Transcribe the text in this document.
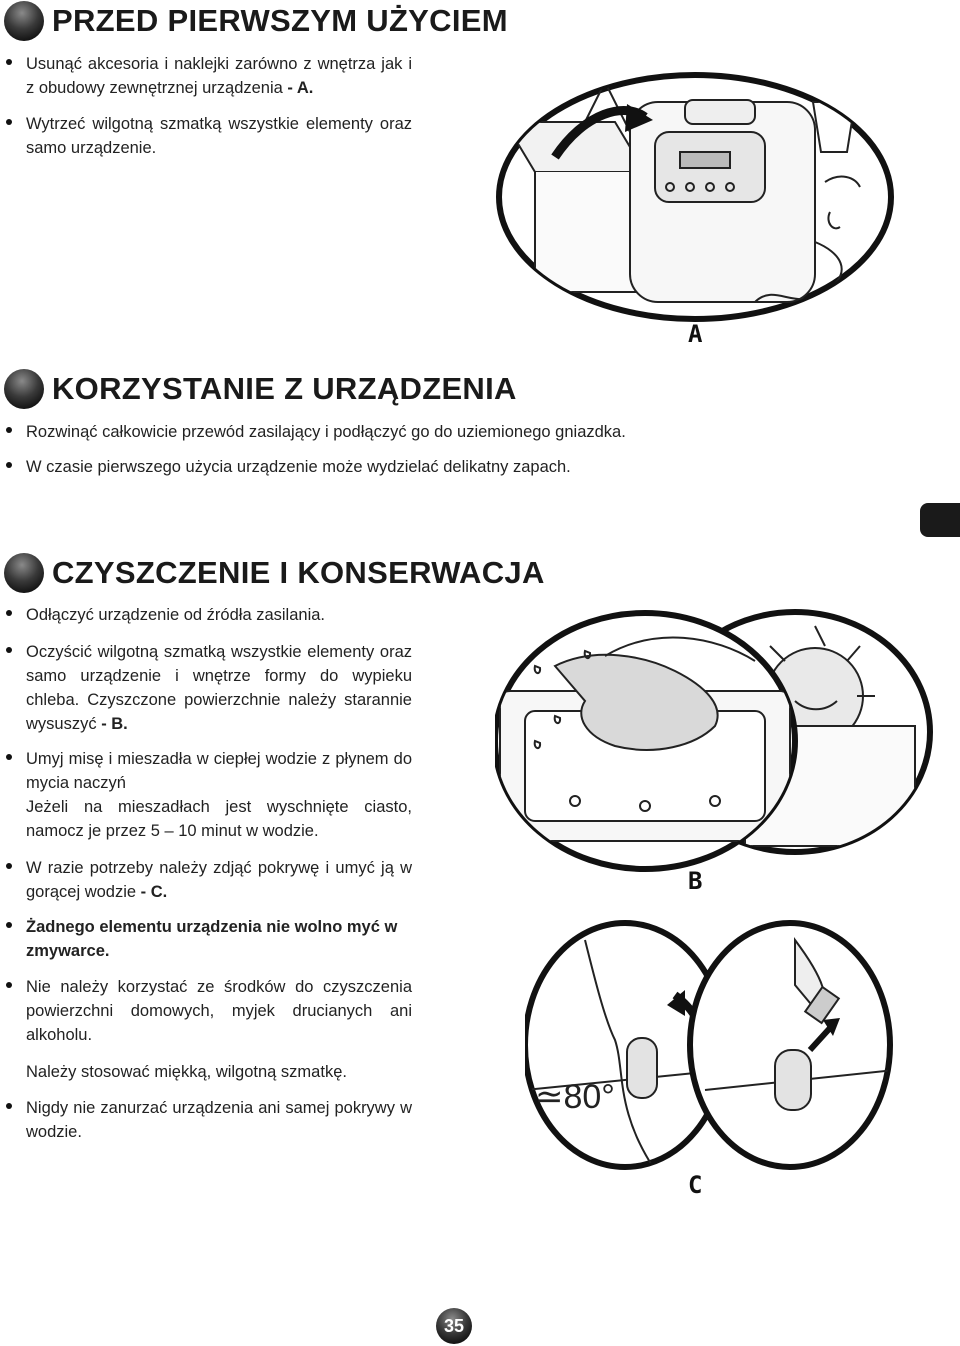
PRZED PIERWSZYM UŻYCIEM
Usunąć akcesoria i naklejki zarówno z wnętrza jak i z obudowy zewnętrznej urządzenia - A.
Wytrzeć wilgotną szmatką wszystkie elementy oraz samo urządzenie.
A
KORZYSTANIE Z URZĄDZENIA
Rozwinąć całkowicie przewód zasilający i podłączyć go do uziemionego gniazdka.
W czasie pierwszego użycia urządzenie może wydzielać delikatny zapach.
CZYSZCZENIE I KONSERWACJA
Odłączyć urządzenie od źródła zasilania.
Oczyścić wilgotną szmatką wszystkie elementy oraz samo urządzenie i wnętrze formy do wypieku chleba. Czyszczone powierzchnie należy starannie wysuszyć - B.
Umyj misę i mieszadła w ciepłej wodzie z płynem do mycia naczyń
Jeżeli na mieszadłach jest wyschnięte ciasto, namocz je przez 5 – 10 minut w wodzie.
W razie potrzeby należy zdjąć pokrywę i umyć ją w gorącej wodzie - C.
Żadnego elementu urządzenia nie wolno myć w zmywarce.
Nie należy korzystać ze środków do czyszczenia powierzchni domowych, myjek drucianych ani alkoholu.
Należy stosować miękką, wilgotną szmatkę.
Nigdy nie zanurzać urządzenia ani samej pokrywy w wodzie.
B
≃80°
C
35
